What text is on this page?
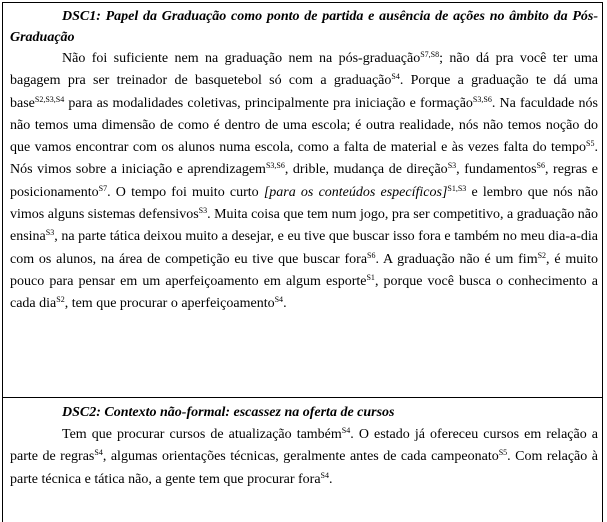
DSC1: Papel da Graduação como ponto de partida e ausência de ações no âmbito da Pós-Graduação
Não foi suficiente nem na graduação nem na pós-graduação$^{S7,S8}$; não dá pra você ter uma bagagem pra ser treinador de basquetebol só com a graduação$^{S4}$. Porque a graduação te dá uma base$^{S2,S3,S4}$ para as modalidades coletivas, principalmente pra iniciação e formação$^{S3,S6}$. Na faculdade nós não temos uma dimensão de como é dentro de uma escola; é outra realidade, nós não temos noção do que vamos encontrar com os alunos numa escola, como a falta de material e às vezes falta do tempo$^{S5}$. Nós vimos sobre a iniciação e aprendizagem$^{S3,S6}$, drible, mudança de direção$^{S3}$, fundamentos$^{S6}$, regras e posicionamento$^{S7}$. O tempo foi muito curto [para os conteúdos específicos]$^{S1,S3}$ e lembro que nós não vimos alguns sistemas defensivos$^{S3}$. Muita coisa que tem num jogo, pra ser competitivo, a graduação não ensina$^{S3}$, na parte tática deixou muito a desejar, e eu tive que buscar isso fora e também no meu dia-a-dia com os alunos, na área de competição eu tive que buscar fora$^{S6}$. A graduação não é um fim$^{S2}$, é muito pouco para pensar em um aperfeiçoamento em algum esporte$^{S1}$, porque você busca o conhecimento a cada dia$^{S2}$, tem que procurar o aperfeiçoamento$^{S4}$.
DSC2: Contexto não-formal: escassez na oferta de cursos
Tem que procurar cursos de atualização também$^{S4}$. O estado já ofereceu cursos em relação a parte de regras$^{S4}$, algumas orientações técnicas, geralmente antes de cada campeonato$^{S5}$. Com relação à parte técnica e tática não, a gente tem que procurar fora$^{S4}$.
